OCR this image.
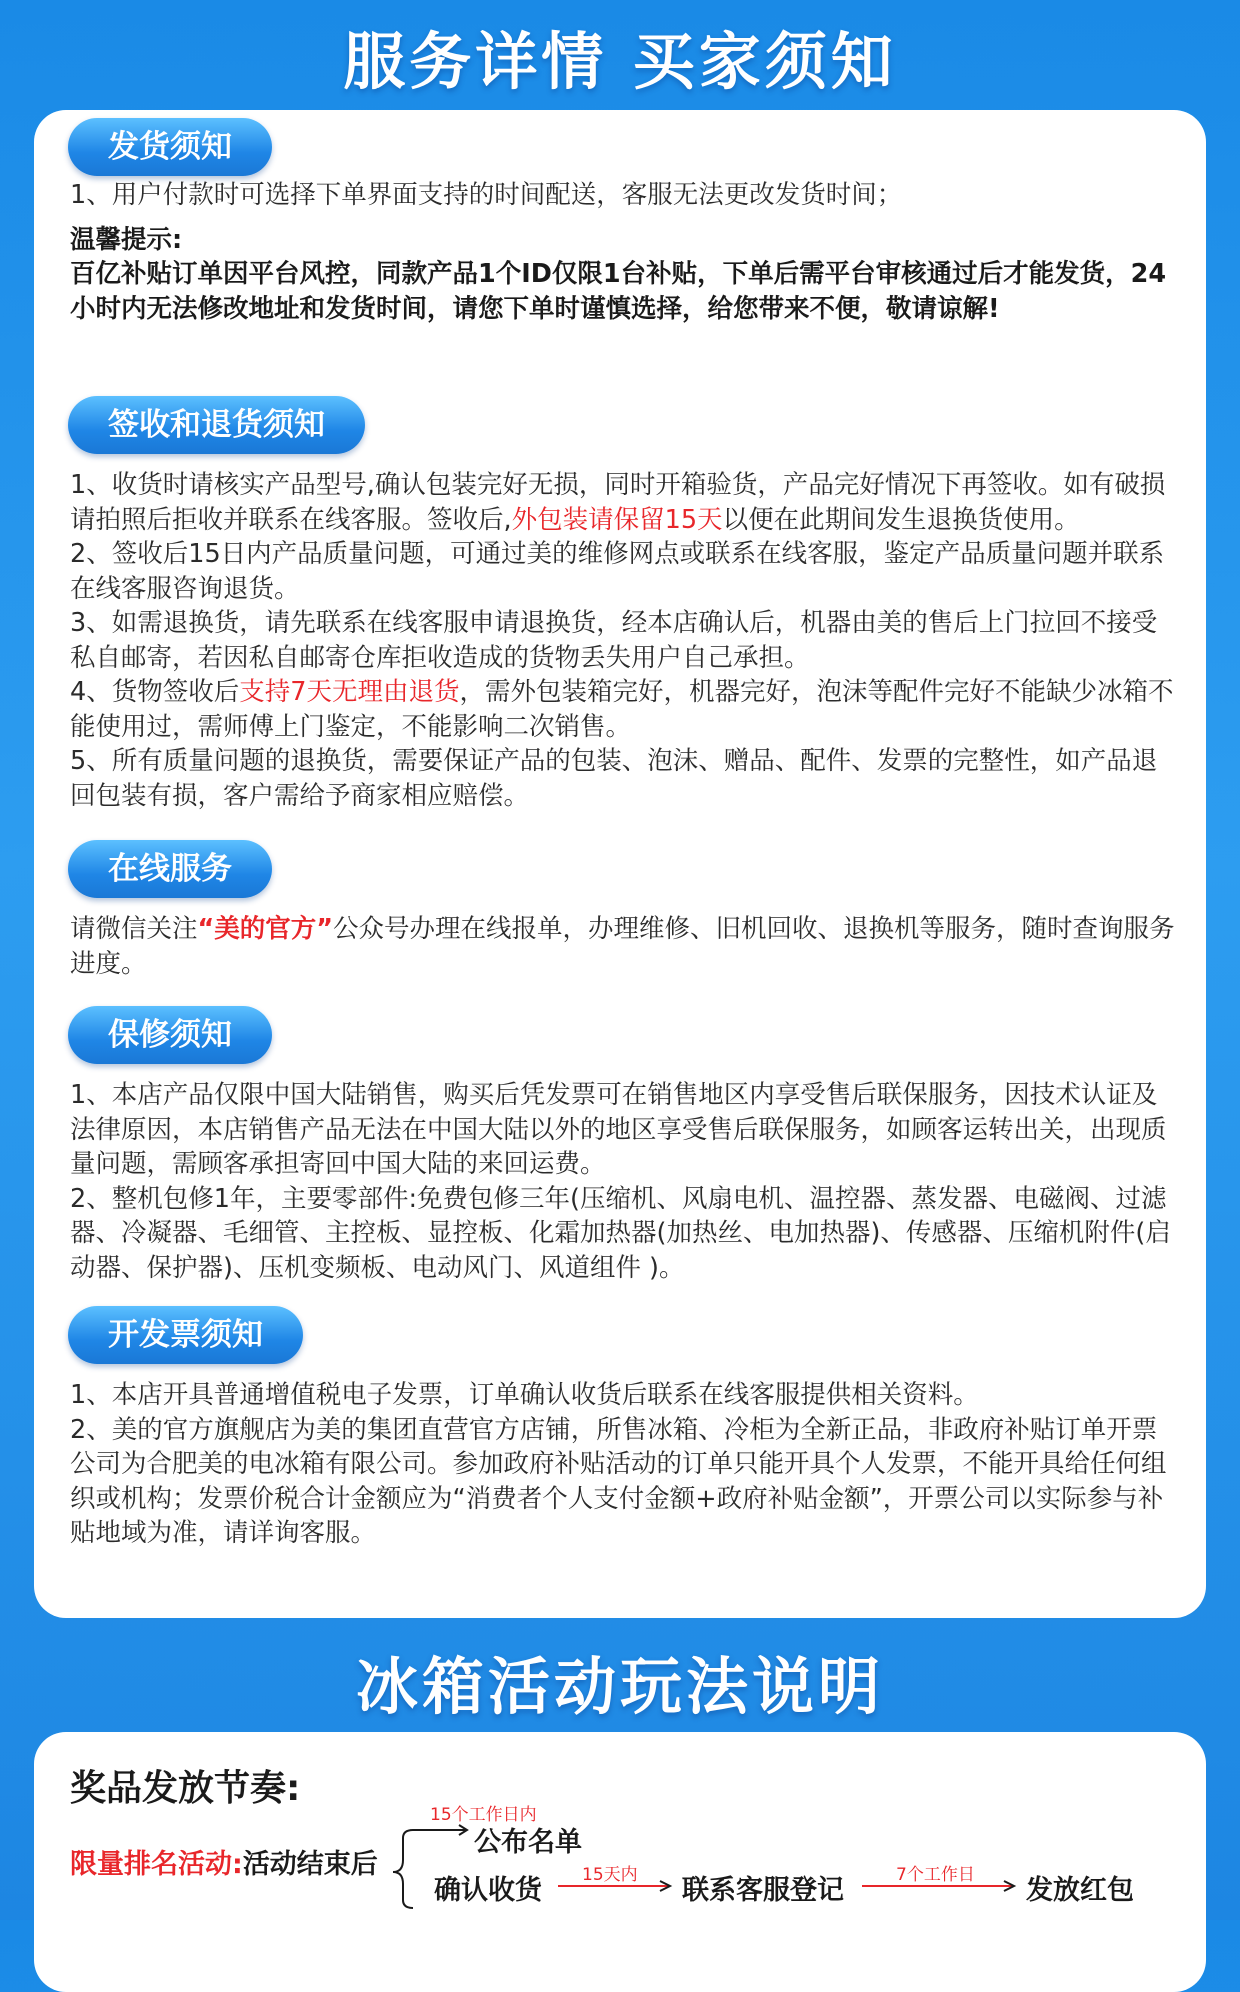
服务详情 买家须知
发货须知

1、用户付款时可选择下单界面支持的时间配送，客服无法更改发货时间；

温馨提示:

百亿补贴订单因平台风控，同款产品1个ID仅限1台补贴，下单后需平台审核通过后才能发货，24小时内无法修改地址和发货时间，请您下单时谨慎选择，给您带来不便，敬请谅解!

签收和退货须知

1、收货时请核实产品型号,确认包装完好无损，同时开箱验货，产品完好情况下再签收。如有破损请拍照后拒收并联系在线客服。签收后,外包装请保留15天以便在此期间发生退换货使用。

2、签收后15日内产品质量问题，可通过美的维修网点或联系在线客服，鉴定产品质量问题并联系在线客服咨询退货。

3、如需退换货，请先联系在线客服申请退换货，经本店确认后，机器由美的售后上门拉回不接受私自邮寄，若因私自邮寄仓库拒收造成的货物丢失用户自己承担。

4、货物签收后支持7天无理由退货，需外包装箱完好，机器完好，泡沫等配件完好不能缺少冰箱不能使用过，需师傅上门鉴定，不能影响二次销售。

5、所有质量问题的退换货，需要保证产品的包装、泡沫、赠品、配件、发票的完整性，如产品退回包装有损，客户需给予商家相应赔偿。

在线服务

请微信关注“美的官方”公众号办理在线报单，办理维修、旧机回收、退换机等服务，随时查询服务进度。

保修须知

1、本店产品仅限中国大陆销售，购买后凭发票可在销售地区内享受售后联保服务，因技术认证及法律原因，本店销售产品无法在中国大陆以外的地区享受售后联保服务，如顾客运转出关，出现质量问题，需顾客承担寄回中国大陆的来回运费。

2、整机包修1年，主要零部件:免费包修三年(压缩机、风扇电机、温控器、蒸发器、电磁阀、过滤器、冷凝器、毛细管、主控板、显控板、化霜加热器(加热丝、电加热器)、传感器、压缩机附件(启动器、保护器)、压机变频板、电动风门、风道组件 )。

开发票须知

1、本店开具普通增值税电子发票，订单确认收货后联系在线客服提供相关资料。

2、美的官方旗舰店为美的集团直营官方店铺，所售冰箱、冷柜为全新正品，非政府补贴订单开票公司为合肥美的电冰箱有限公司。参加政府补贴活动的订单只能开具个人发票，不能开具给任何组织或机构；发票价税合计金额应为“消费者个人支付金额+政府补贴金额”，开票公司以实际参与补贴地域为准，请详询客服。

冰箱活动玩法说明
奖品发放节奏:
限量排名活动:活动结束后
15个工作日内
公布名单
确认收货 15天内 联系客服登记	7个工作日 发放红包
